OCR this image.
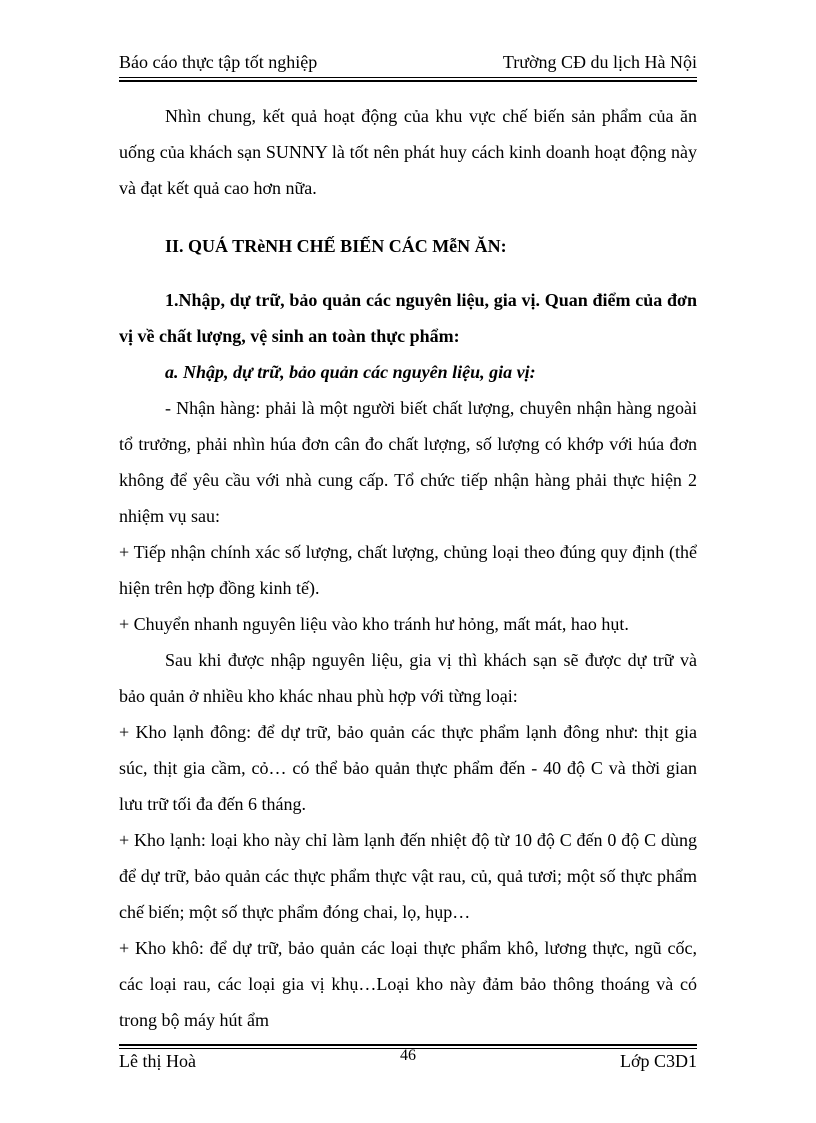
Báo cáo thực tập tốt nghiệp	Trường CĐ du lịch Hà Nội

Nhìn chung, kết quả hoạt động của khu vực chế biến sản phẩm của ăn uống của khách sạn SUNNY là tốt nên phát huy cách kinh doanh hoạt động này và đạt kết quả cao hơn nữa.

II. QUÁ TRèNH CHẾ BIẾN CÁC MễN ĂN:

1.Nhập, dự trữ, bảo quản các nguyên liệu, gia vị. Quan điểm của đơn vị về chất lượng, vệ sinh an toàn thực phẩm:

a. Nhập, dự trữ, bảo quản các nguyên liệu, gia vị:

- Nhận hàng: phải là một người biết chất lượng, chuyên nhận hàng ngoài tổ trưởng, phải nhìn húa đơn cân đo chất lượng, số lượng có khớp với húa đơn không để yêu cầu với nhà cung cấp. Tổ chức tiếp nhận hàng phải thực hiện 2 nhiệm vụ sau:

+ Tiếp nhận chính xác số lượng, chất lượng, chủng loại theo đúng quy định (thể hiện trên hợp đồng kinh tế).

+ Chuyển nhanh nguyên liệu vào kho tránh hư hỏng, mất mát, hao hụt.

Sau khi được nhập nguyên liệu, gia vị thì khách sạn sẽ được dự trữ và bảo quản ở nhiều kho khác nhau phù hợp với từng loại:

+ Kho lạnh đông: để dự trữ, bảo quản các thực phẩm lạnh đông như: thịt gia súc, thịt gia cầm, cỏ… có thể bảo quản thực phẩm đến - 40 độ C và thời gian lưu trữ tối đa đến 6 tháng.

+ Kho lạnh: loại kho này chỉ làm lạnh đến nhiệt độ từ 10 độ C đến 0 độ C dùng để dự trữ, bảo quản các thực phẩm thực vật rau, củ, quả tươi; một số thực phẩm chế biến; một số thực phẩm đóng chai, lọ, hụp…

+ Kho khô: để dự trữ, bảo quản các loại thực phẩm khô, lương thực, ngũ cốc, các loại rau, các loại gia vị khụ…Loại kho này đảm bảo thông thoáng và có trong bộ máy hút ẩm

Lê thị Hoà	46	Lớp C3D1
